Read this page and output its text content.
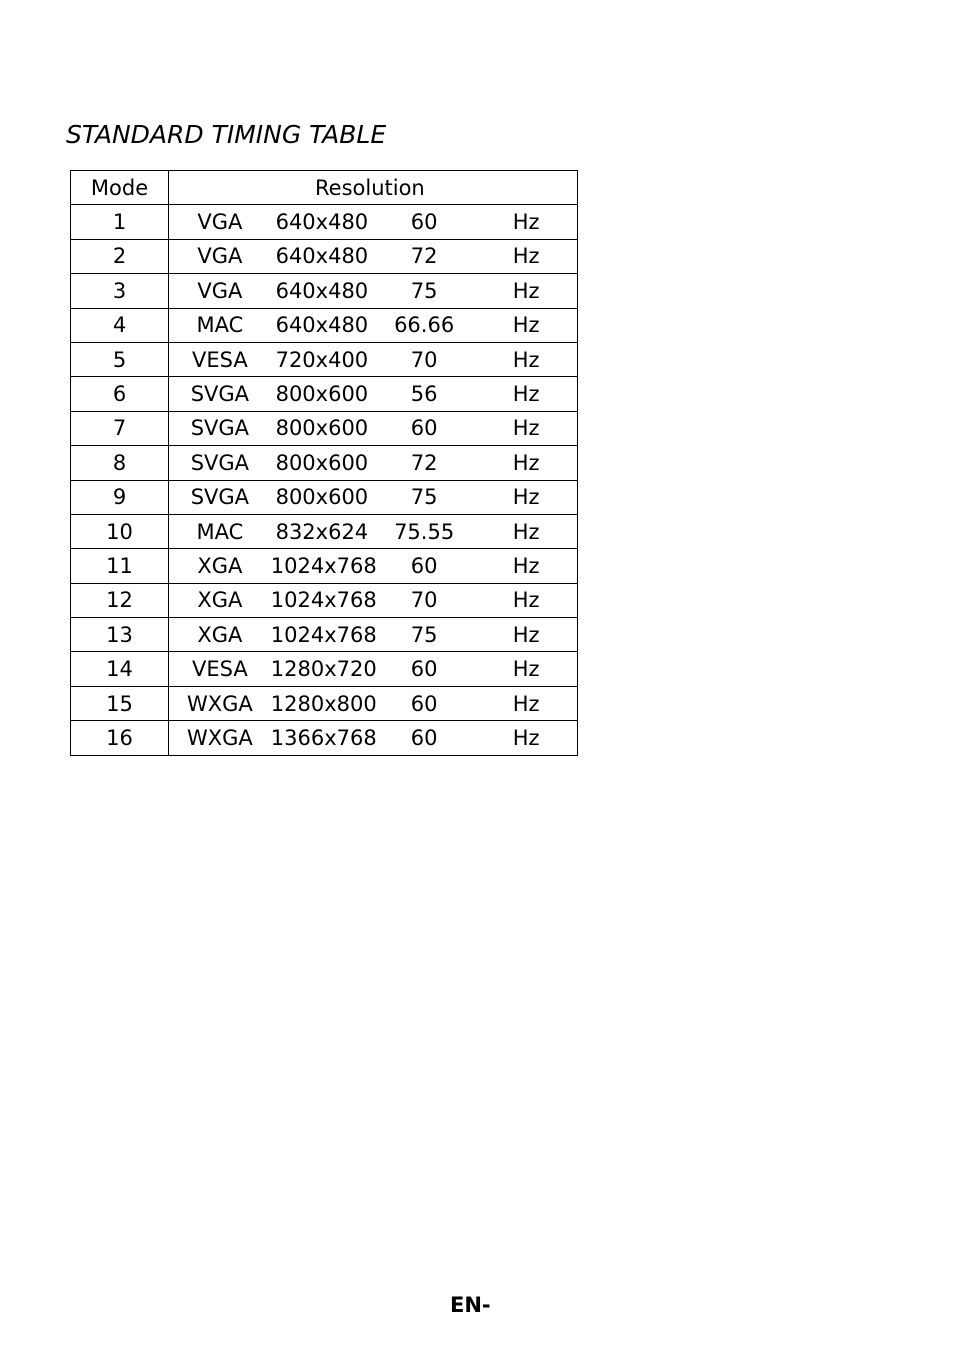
STANDARD TIMING TABLE
Mode	Resolution			
1	VGA	640x480	60	Hz
2	VGA	640x480	72	Hz
3	VGA	640x480	75	Hz
4	MAC	640x480	66.66	Hz
5	VESA	720x400	70	Hz
6	SVGA	800x600	56	Hz
7	SVGA	800x600	60	Hz
8	SVGA	800x600	72	Hz
9	SVGA	800x600	75	Hz
10	MAC	832x624	75.55	Hz
11	XGA	1024x768	60	Hz
12	XGA	1024x768	70	Hz
13	XGA	1024x768	75	Hz
14	VESA	1280x720	60	Hz
15	WXGA	1280x800	60	Hz
16	WXGA	1366x768	60	Hz
EN-
